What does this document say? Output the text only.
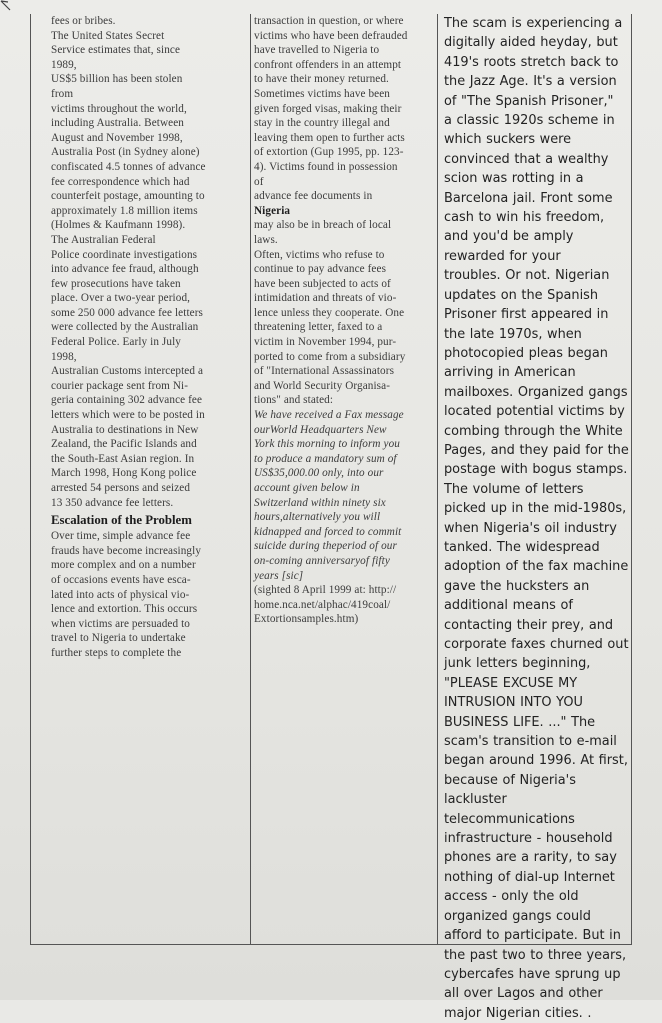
fees or bribes.

The United States Secret

Service estimates that, since

1989,

US$5 billion has been stolen

from

victims throughout the world,

including Australia. Between

August and November 1998,

Australia Post (in Sydney alone)

confiscated 4.5 tonnes of advance

fee correspondence which had

counterfeit postage, amounting to

approximately 1.8 million items

(Holmes & Kaufmann 1998).

The Australian Federal

Police coordinate investigations

into advance fee fraud, although

few prosecutions have taken

place. Over a two-year period,

some 250 000 advance fee letters

were collected by the Australian

Federal Police. Early in July

1998,

Australian Customs intercepted a

courier package sent from Ni-

geria containing 302 advance fee

letters which were to be posted in

Australia to destinations in New

Zealand, the Pacific Islands and

the South-East Asian region. In

March 1998, Hong Kong police

arrested 54 persons and seized

13 350 advance fee letters.

Escalation of the Problem

Over time, simple advance fee

frauds have become increasingly

more complex and on a number

of occasions events have esca-

lated into acts of physical vio-

lence and extortion. This occurs

when victims are persuaded to

travel to Nigeria to undertake

further steps to complete the

transaction in question, or where

victims who have been defrauded

have travelled to Nigeria to

confront offenders in an attempt

to have their money returned.

Sometimes victims have been

given forged visas, making their

stay in the country illegal and

leaving them open to further acts

of extortion (Gup 1995, pp. 123-

4). Victims found in possession

of

advance fee documents in

Nigeria

may also be in breach of local

laws.

Often, victims who refuse to

continue to pay advance fees

have been subjected to acts of

intimidation and threats of vio-

lence unless they cooperate. One

threatening letter, faxed to a

victim in November 1994, pur-

ported to come from a subsidiary

of "International Assassinators

and World Security Organisa-

tions" and stated:

We have received a Fax message

ourWorld Headquarters New

York this morning to inform you

to produce a mandatory sum of

US$35,000.00 only, into our

account given below in

Switzerland within ninety six

hours,alternatively you will

kidnapped and forced to commit

suicide during theperiod of our

on-coming anniversaryof fifty

years [sic]

(sighted 8 April 1999 at: http://

home.nca.net/alphac/419coal/

Extortionsamples.htm)

The scam is experiencing a

digitally aided heyday, but

419's roots stretch back to

the Jazz Age. It's a version

of "The Spanish Prisoner,"

a classic 1920s scheme in

which suckers were

convinced that a wealthy

scion was rotting in a

Barcelona jail. Front some

cash to win his freedom,

and you'd be amply

rewarded for your

troubles. Or not. Nigerian

updates on the Spanish

Prisoner first appeared in

the late 1970s, when

photocopied pleas began

arriving in American

mailboxes. Organized gangs

located potential victims by

combing through the White

Pages, and they paid for the

postage with bogus stamps.

The volume of letters

picked up in the mid-1980s,

when Nigeria's oil industry

tanked. The widespread

adoption of the fax machine

gave the hucksters an

additional means of

contacting their prey, and

corporate faxes churned out

junk letters beginning,

"PLEASE EXCUSE MY

INTRUSION INTO YOU

BUSINESS LIFE. ..." The

scam's transition to e-mail

began around 1996. At first,

because of Nigeria's

lackluster

telecommunications

infrastructure - household

phones are a rarity, to say

nothing of dial-up Internet

access - only the old

organized gangs could

afford to participate. But in

the past two to three years,

cybercafes have sprung up

all over Lagos and other

major Nigerian cities. .
